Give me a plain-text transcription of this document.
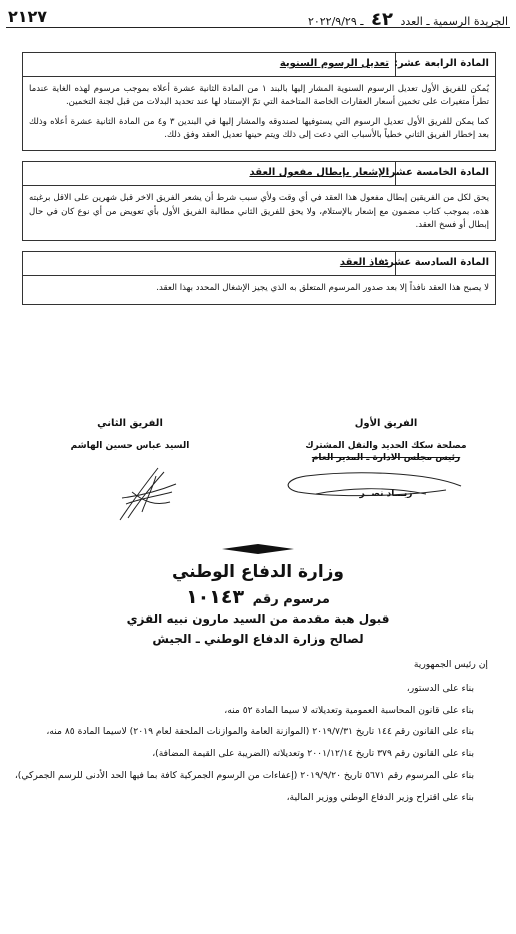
الجريدة الرسمية ـ العدد ٤٢ ـ ٢٠٢٢/٩/٢٩
٢١٢٧
المادة الرابعة عشر:
تعديل الرسوم السنوية

يُمكن للفريق الأول تعديل الرسوم السنوية المشار إليها بالبند ١ من المادة الثانية عشرة أعلاه بموجب مرسوم لهذه الغاية عندما تطرأ متغيرات على تخمين أسعار العقارات الخاصة المتاخمة التي تمّ الإستناد لها عند تحديد البدلات من قبل لجنة التخمين.

كما يمكن للفريق الأول تعديل الرسوم التي يستوفيها لصندوقه والمشار إليها في البندين ٣ و٤ من المادة الثانية عشرة أعلاه وذلك بعد إخطار الفريق الثاني خطياً بالأسباب التي دعت إلى ذلك ويتم حينها تعديل العقد وفق ذلك.

المادة الخامسة عشر:
الإشعار بإبطال مفعول العقد

يحق لكل من الفريقين إبطال مفعول هذا العقد في أي وقت ولأي سبب شرط أن يشعر الفريق الاخر قبل شهرين على الاقل برغبته هذه، بموجب كتاب مضمون مع إشعار بالإستلام، ولا يحق للفريق الثاني مطالبة الفريق الأول بأي تعويض من أي نوع كان في حال إبطال أو فسخ العقد.

المادة السادسة عشر:
نفاذ العقد

لا يصبح هذا العقد نافذاً إلا بعد صدور المرسوم المتعلق به الذي يجيز الإشغال المحدد بهذا العقد.

الفريق الأول
مصلحة سكك الحديد والنقل المشترك
رئيس مجلس الادارة ـ المدير العام
زيـــاد نصــر
الفريق الثاني
السيد عباس حسين الهاشم
وزارة الدفاع الوطني
مرسوم رقم ١٠١٤٣
قبول هبة مقدمة من السيد مارون نبيه القزي
لصالح وزارة الدفاع الوطني ـ الجيش

إن رئيس الجمهورية

بناء على الدستور،

بناء على قانون المحاسبة العمومية وتعديلاته لا سيما المادة ٥٢ منه،

بناء على القانون رقم ١٤٤ تاريخ ٢٠١٩/٧/٣١ (الموازنة العامة والموازنات الملحقة لعام ٢٠١٩) لاسيما المادة ٨٥ منه،

بناء على القانون رقم ٣٧٩ تاريخ ٢٠٠١/١٢/١٤ وتعديلاته (الضريبة على القيمة المضافة)،

بناء على المرسوم رقم ٥٦٧١ تاريخ ٢٠١٩/٩/٢٠ (إعفاءات من الرسوم الجمركية كافة بما فيها الحد الأدنى للرسم الجمركي)،

بناء على اقتراح وزير الدفاع الوطني ووزير المالية،
